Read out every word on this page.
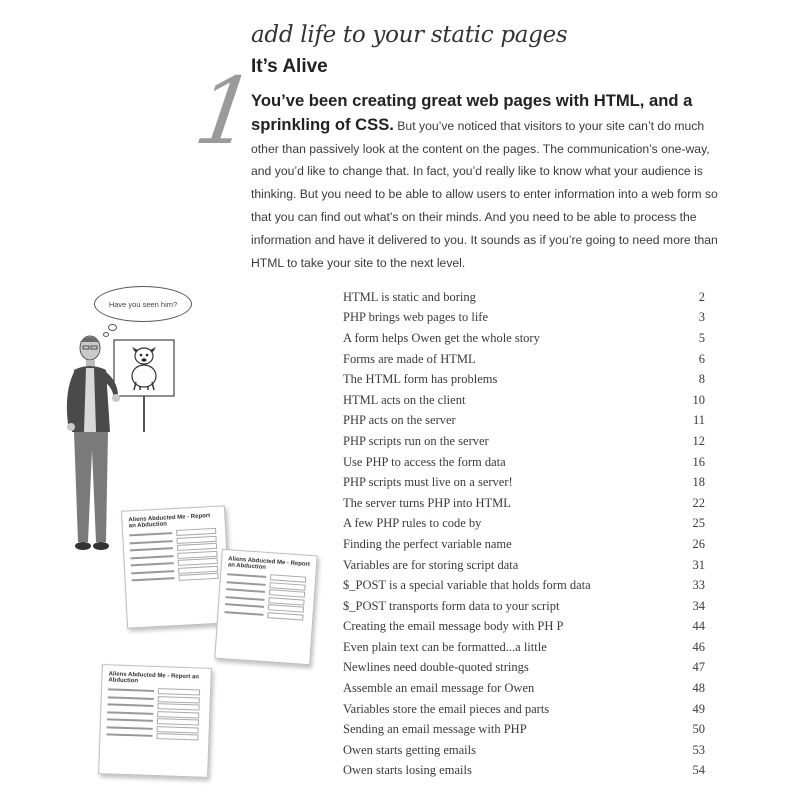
1
add life to your static pages
It’s Alive
You’ve been creating great web pages with HTML, and a sprinkling of CSS. But you’ve noticed that visitors to your site can’t do much other than passively look at the content on the pages. The communication’s one-way, and you’d like to change that. In fact, you’d really like to know what your audience is thinking. But you need to be able to allow users to enter information into a web form so that you can find out what’s on their minds. And you need to be able to process the information and have it delivered to you. It sounds as if you’re going to need more than HTML to take your site to the next level.
Have you seen him?
Aliens Abducted Me - Report an Abduction
Aliens Abducted Me - Report an Abduction
Aliens Abducted Me - Report an Abduction
HTML is static and boring	2
PHP brings web pages to life	3
A form helps Owen get the whole story	5
Forms are made of HTML	6
The HTML form has problems	8
HTML acts on the client	10
PHP acts on the server	11
PHP scripts run on the server	12
Use PHP to access the form data	16
PHP scripts must live on a server!	18
The server turns PHP into HTML	22
A few PHP rules to code by	25
Finding the perfect variable name	26
Variables are for storing script data	31
$_POST is a special variable that holds form data	33
$_POST transports form data to your script	34
Creating the email message body with PH P	44
Even plain text can be formatted...a little	46
Newlines need double-quoted strings	47
Assemble an email message for Owen	48
Variables store the email pieces and parts	49
Sending an email message with PHP	50
Owen starts getting emails	53
Owen starts losing emails	54
